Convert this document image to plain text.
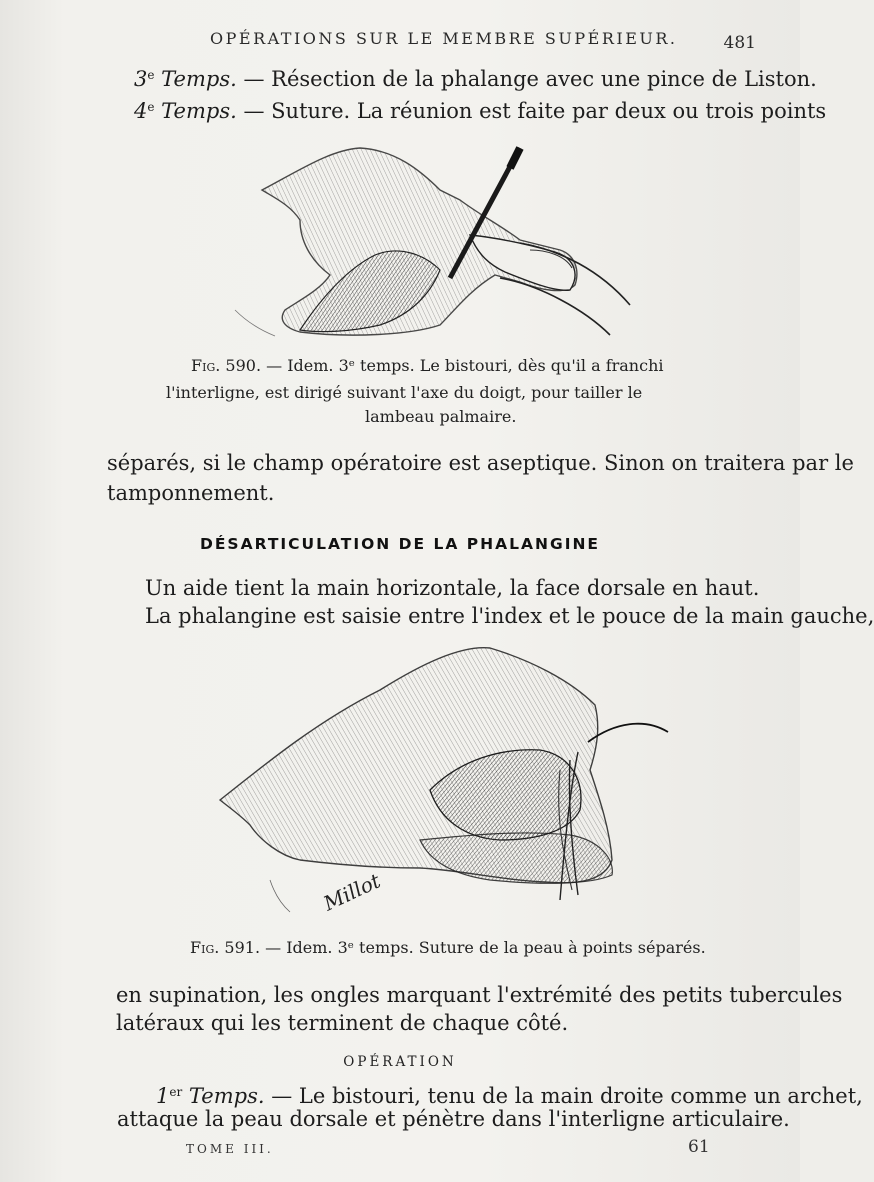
OPÉRATIONS SUR LE MEMBRE SUPÉRIEUR.	481
3e Temps. — Résection de la phalange avec une pince de Liston.
4e Temps. — Suture. La réunion est faite par deux ou trois points
Fig. 590. — Idem. 3ᵉ temps. Le bistouri, dès qu'il a franchi
l'interligne, est dirigé suivant l'axe du doigt, pour tailler le
lambeau palmaire.
séparés, si le champ opératoire est aseptique. Sinon on traitera par le
tamponnement.
DÉSARTICULATION DE LA PHALANGINE
Un aide tient la main horizontale, la face dorsale en haut.
La phalangine est saisie entre l'index et le pouce de la main gauche,
Millot
Fig. 591. — Idem. 3ᵉ temps. Suture de la peau à points séparés.
en supination, les ongles marquant l'extrémité des petits tubercules
latéraux qui les terminent de chaque côté.
OPÉRATION
1er Temps. — Le bistouri, tenu de la main droite comme un archet,
attaque la peau dorsale et pénètre dans l'interligne articulaire.
TOME III.	61
